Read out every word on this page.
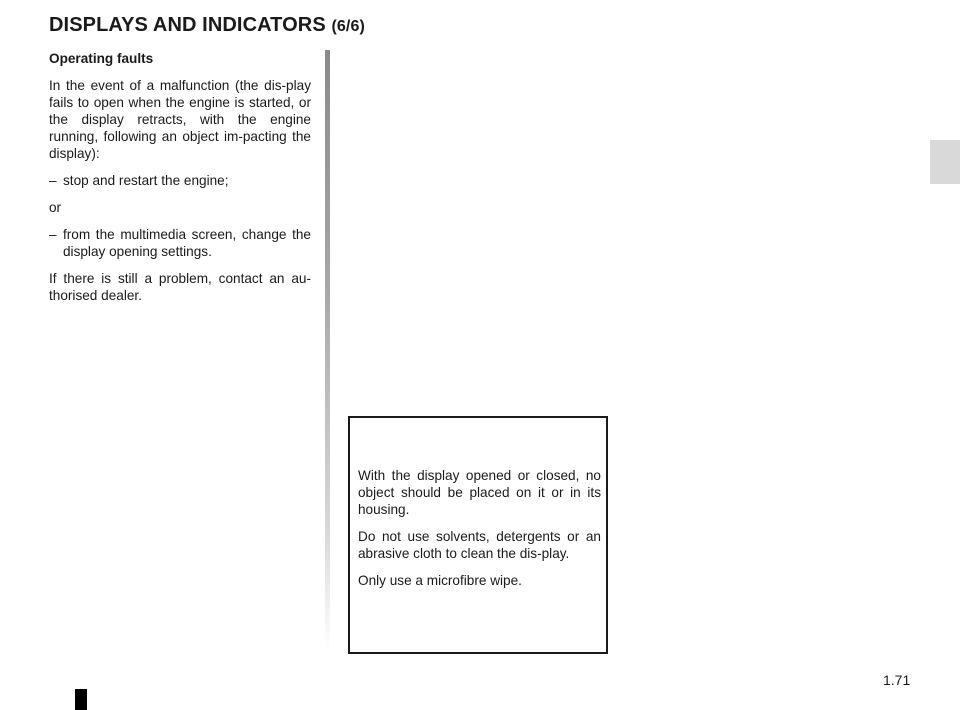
DISPLAYS AND INDICATORS (6/6)

Operating faults

In the event of a malfunction (the dis-play fails to open when the engine is started, or the display retracts, with the engine running, following an object im-pacting the display):

– stop and restart the engine;

or

– from the multimedia screen, change the display opening settings.

If there is still a problem, contact an au-thorised dealer.

With the display opened or closed, no object should be placed on it or in its housing.

Do not use solvents, detergents or an abrasive cloth to clean the dis-play.

Only use a microfibre wipe.

1.71
